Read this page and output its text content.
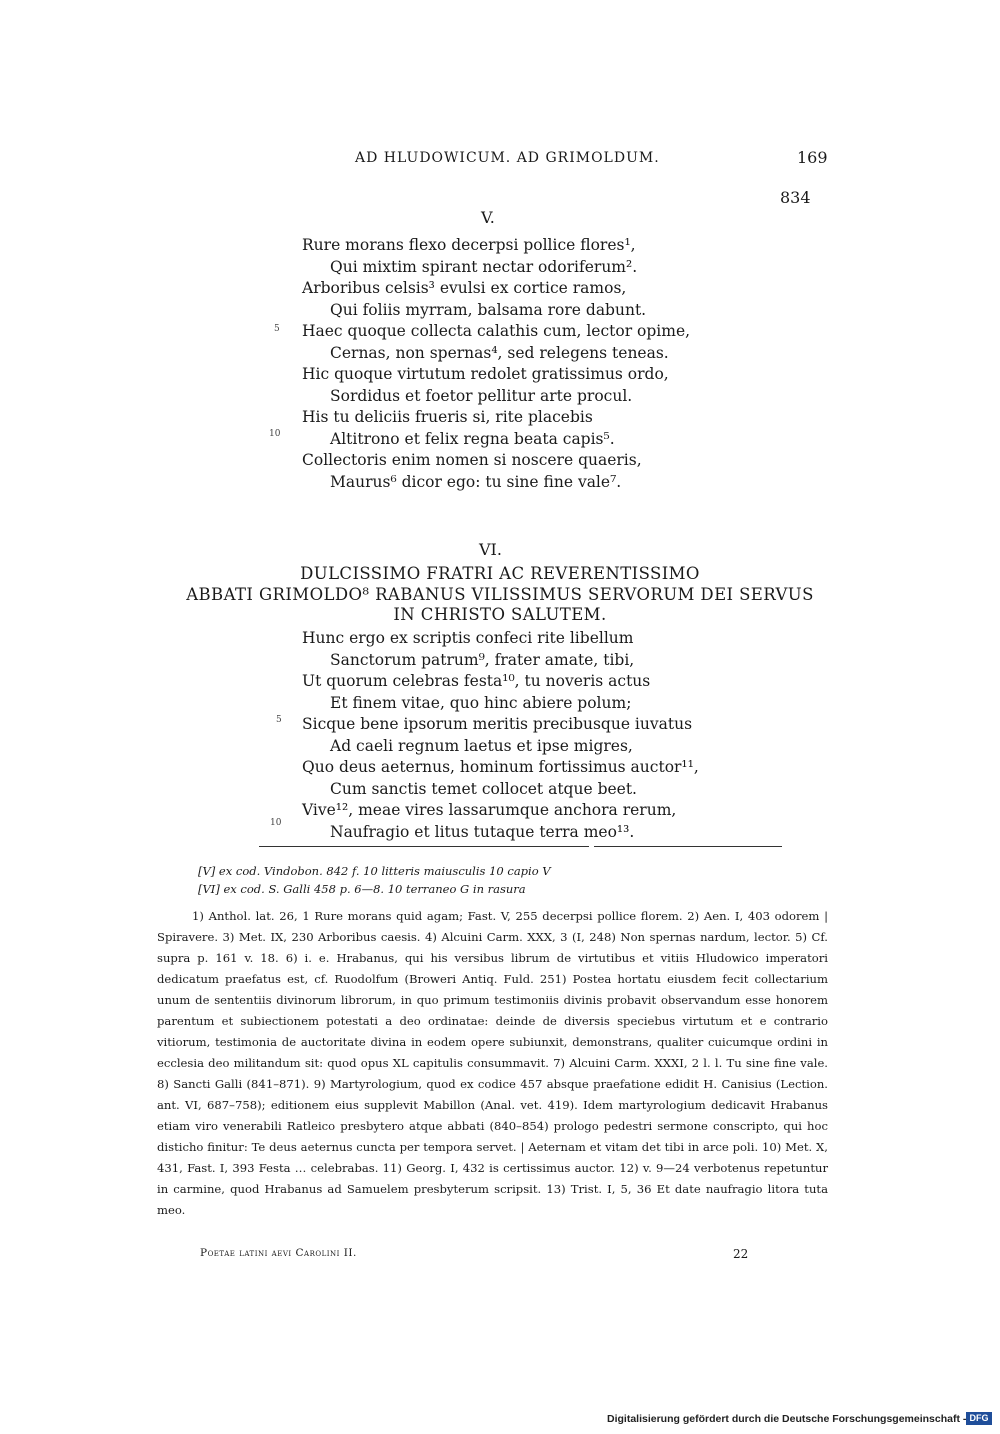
AD HLUDOWICUM. AD GRIMOLDUM.	169
834
V.
Rure morans flexo decerpsi pollice flores¹,
Qui mixtim spirant nectar odoriferum².
Arboribus celsis³ evulsi ex cortice ramos,
Qui foliis myrram, balsama rore dabunt.
Haec quoque collecta calathis cum, lector opime,
Cernas, non spernas⁴, sed relegens teneas.
Hic quoque virtutum redolet gratissimus ordo,
Sordidus et foetor pellitur arte procul.
His tu deliciis frueris si, rite placebis
Altitrono et felix regna beata capis⁵.
Collectoris enim nomen si noscere quaeris,
Maurus⁶ dicor ego: tu sine fine vale⁷.
5
10
VI.
DULCISSIMO FRATRI AC REVERENTISSIMO
ABBATI GRIMOLDO⁸ RABANUS VILISSIMUS SERVORUM DEI SERVUS
IN CHRISTO SALUTEM.
Hunc ergo ex scriptis confeci rite libellum
Sanctorum patrum⁹, frater amate, tibi,
Ut quorum celebras festa¹⁰, tu noveris actus
Et finem vitae, quo hinc abiere polum;
Sicque bene ipsorum meritis precibusque iuvatus
Ad caeli regnum laetus et ipse migres,
Quo deus aeternus, hominum fortissimus auctor¹¹,
Cum sanctis temet collocet atque beet.
Vive¹², meae vires lassarumque anchora rerum,
Naufragio et litus tutaque terra meo¹³.
5
10
[V] ex cod. Vindobon. 842 f. 10 litteris maiusculis 10 capio V
[VI] ex cod. S. Galli 458 p. 6—8. 10 terraneo G in rasura

1) Anthol. lat. 26, 1 Rure morans quid agam; Fast. V, 255 decerpsi pollice florem. 2) Aen. I, 403 odorem | Spiravere. 3) Met. IX, 230 Arboribus caesis. 4) Alcuini Carm. XXX, 3 (I, 248) Non spernas nardum, lector. 5) Cf. supra p. 161 v. 18. 6) i. e. Hrabanus, qui his versibus librum de virtutibus et vitiis Hludowico imperatori dedicatum praefatus est, cf. Ruodolfum (Broweri Antiq. Fuld. 251) Postea hortatu eiusdem fecit collectarium unum de sententiis divinorum librorum, in quo primum testimoniis divinis probavit observandum esse honorem parentum et subiectionem potestati a deo ordinatae: deinde de diversis speciebus virtutum et e contrario vitiorum, testimonia de auctoritate divina in eodem opere subiunxit, demonstrans, qualiter cuicumque ordini in ecclesia deo militandum sit: quod opus XL capitulis consummavit. 7) Alcuini Carm. XXXI, 2 l. l. Tu sine fine vale. 8) Sancti Galli (841–871). 9) Martyrologium, quod ex codice 457 absque praefatione edidit H. Canisius (Lection. ant. VI, 687–758); editionem eius supplevit Mabillon (Anal. vet. 419). Idem martyrologium dedicavit Hrabanus etiam viro venerabili Ratleico presbytero atque abbati (840–854) prologo pedestri sermone conscripto, qui hoc disticho finitur: Te deus aeternus cuncta per tempora servet. | Aeternam et vitam det tibi in arce poli. 10) Met. X, 431, Fast. I, 393 Festa … celebrabas. 11) Georg. I, 432 is certissimus auctor. 12) v. 9—24 verbotenus repetuntur in carmine, quod Hrabanus ad Samuelem presbyterum scripsit. 13) Trist. I, 5, 36 Et date naufragio litora tuta meo.

Poetae latini aevi Carolini II.	22
Digitalisierung gefördert durch die Deutsche Forschungsgemeinschaft - DFG
